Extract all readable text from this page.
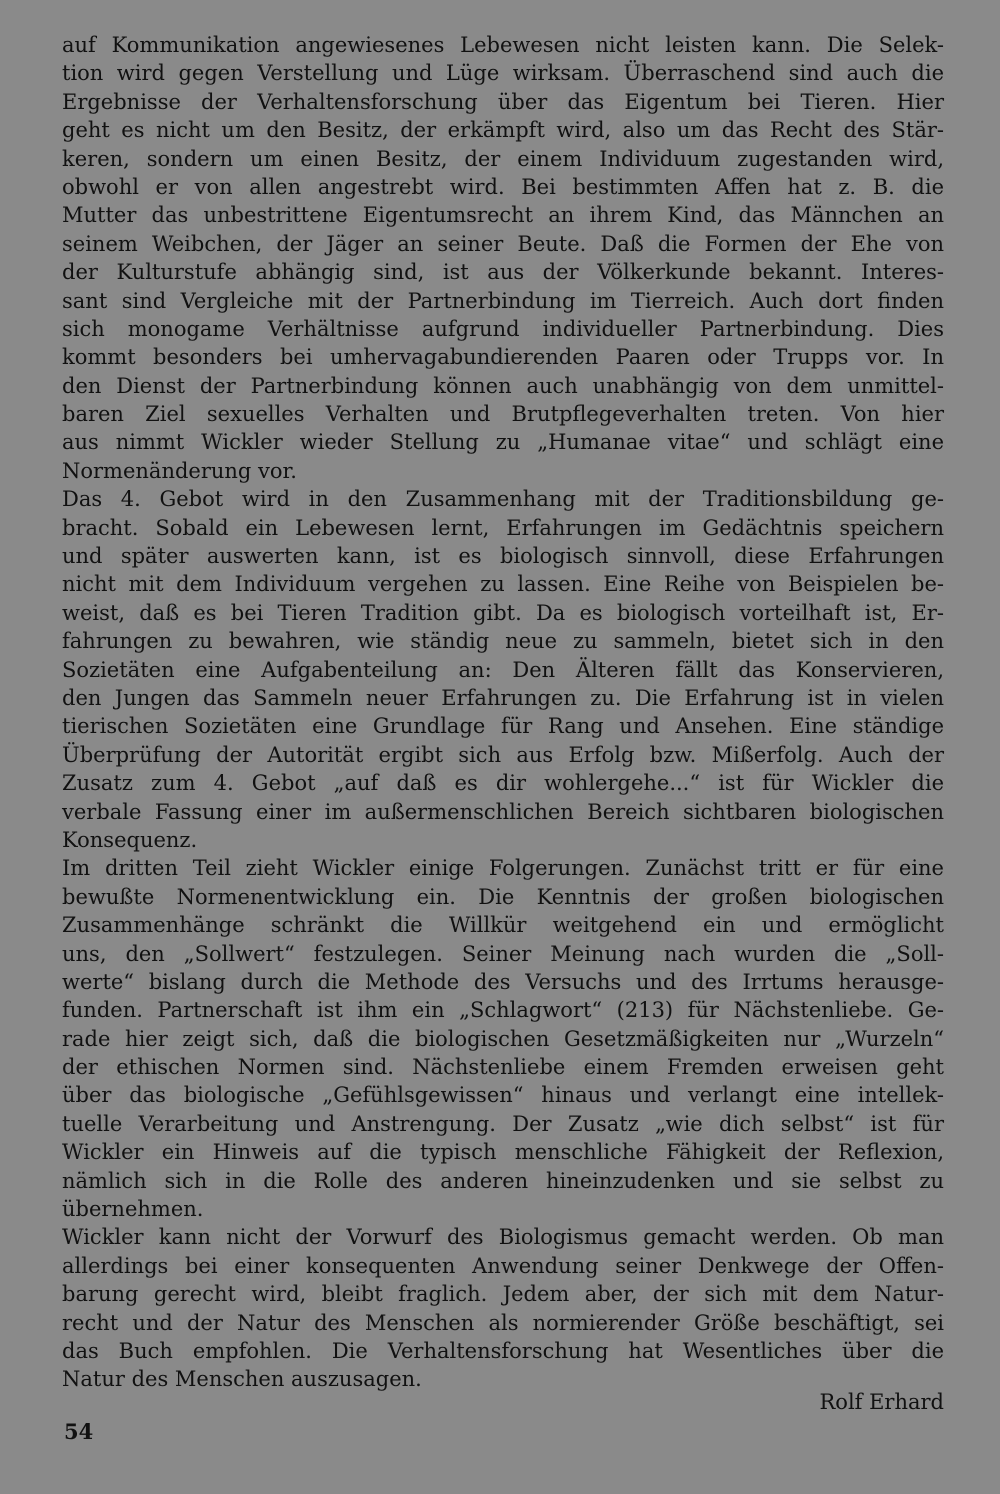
auf Kommunikation angewiesenes Lebewesen nicht leisten kann. Die Selek-
tion wird gegen Verstellung und Lüge wirksam. Überraschend sind auch die
Ergebnisse der Verhaltensforschung über das Eigentum bei Tieren. Hier
geht es nicht um den Besitz, der erkämpft wird, also um das Recht des Stär-
keren, sondern um einen Besitz, der einem Individuum zugestanden wird,
obwohl er von allen angestrebt wird. Bei bestimmten Affen hat z. B. die
Mutter das unbestrittene Eigentumsrecht an ihrem Kind, das Männchen an
seinem Weibchen, der Jäger an seiner Beute. Daß die Formen der Ehe von
der Kulturstufe abhängig sind, ist aus der Völkerkunde bekannt. Interes-
sant sind Vergleiche mit der Partnerbindung im Tierreich. Auch dort finden
sich monogame Verhältnisse aufgrund individueller Partnerbindung. Dies
kommt besonders bei umhervagabundierenden Paaren oder Trupps vor. In
den Dienst der Partnerbindung können auch unabhängig von dem unmittel-
baren Ziel sexuelles Verhalten und Brutpflegeverhalten treten. Von hier
aus nimmt Wickler wieder Stellung zu „Humanae vitae“ und schlägt eine
Normenänderung vor.
Das 4. Gebot wird in den Zusammenhang mit der Traditionsbildung ge-
bracht. Sobald ein Lebewesen lernt, Erfahrungen im Gedächtnis speichern
und später auswerten kann, ist es biologisch sinnvoll, diese Erfahrungen
nicht mit dem Individuum vergehen zu lassen. Eine Reihe von Beispielen be-
weist, daß es bei Tieren Tradition gibt. Da es biologisch vorteilhaft ist, Er-
fahrungen zu bewahren, wie ständig neue zu sammeln, bietet sich in den
Sozietäten eine Aufgabenteilung an: Den Älteren fällt das Konservieren,
den Jungen das Sammeln neuer Erfahrungen zu. Die Erfahrung ist in vielen
tierischen Sozietäten eine Grundlage für Rang und Ansehen. Eine ständige
Überprüfung der Autorität ergibt sich aus Erfolg bzw. Mißerfolg. Auch der
Zusatz zum 4. Gebot „auf daß es dir wohlergehe...“ ist für Wickler die
verbale Fassung einer im außermenschlichen Bereich sichtbaren biologischen
Konsequenz.
Im dritten Teil zieht Wickler einige Folgerungen. Zunächst tritt er für eine
bewußte Normenentwicklung ein. Die Kenntnis der großen biologischen
Zusammenhänge schränkt die Willkür weitgehend ein und ermöglicht
uns, den „Sollwert“ festzulegen. Seiner Meinung nach wurden die „Soll-
werte“ bislang durch die Methode des Versuchs und des Irrtums herausge-
funden. Partnerschaft ist ihm ein „Schlagwort“ (213) für Nächstenliebe. Ge-
rade hier zeigt sich, daß die biologischen Gesetzmäßigkeiten nur „Wurzeln“
der ethischen Normen sind. Nächstenliebe einem Fremden erweisen geht
über das biologische „Gefühlsgewissen“ hinaus und verlangt eine intellek-
tuelle Verarbeitung und Anstrengung. Der Zusatz „wie dich selbst“ ist für
Wickler ein Hinweis auf die typisch menschliche Fähigkeit der Reflexion,
nämlich sich in die Rolle des anderen hineinzudenken und sie selbst zu
übernehmen.
Wickler kann nicht der Vorwurf des Biologismus gemacht werden. Ob man
allerdings bei einer konsequenten Anwendung seiner Denkwege der Offen-
barung gerecht wird, bleibt fraglich. Jedem aber, der sich mit dem Natur-
recht und der Natur des Menschen als normierender Größe beschäftigt, sei
das Buch empfohlen. Die Verhaltensforschung hat Wesentliches über die
Natur des Menschen auszusagen.
Rolf Erhard
54
